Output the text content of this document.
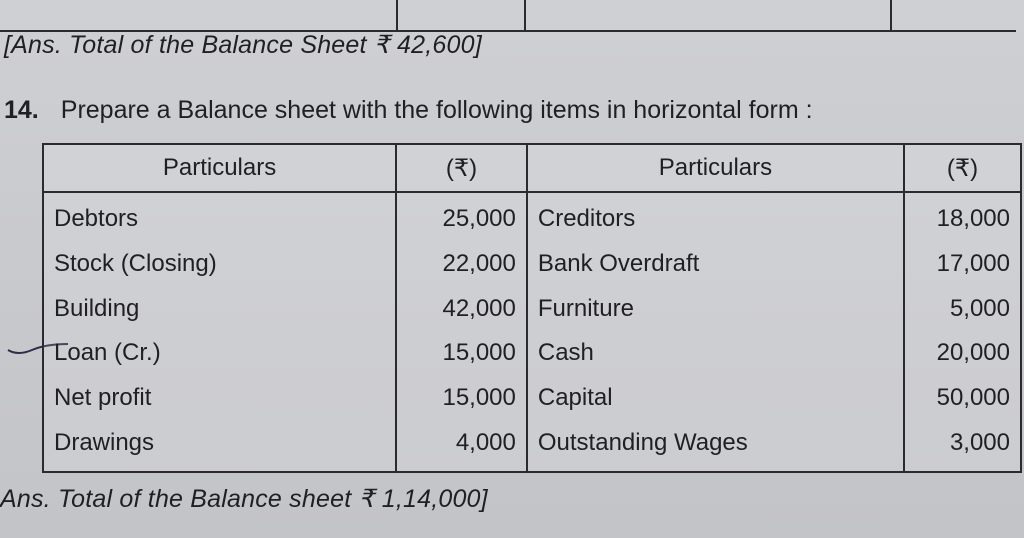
[Ans. Total of the Balance Sheet ₹ 42,600]
14. Prepare a Balance sheet with the following items in horizontal form :
Particulars	(₹)	Particulars	(₹)
Debtors	25,000	Creditors	18,000
Stock (Closing)	22,000	Bank Overdraft	17,000
Building	42,000	Furniture	5,000
Loan (Cr.)	15,000	Cash	20,000
Net profit	15,000	Capital	50,000
Drawings	4,000	Outstanding Wages	3,000
Ans. Total of the Balance sheet ₹ 1,14,000]
